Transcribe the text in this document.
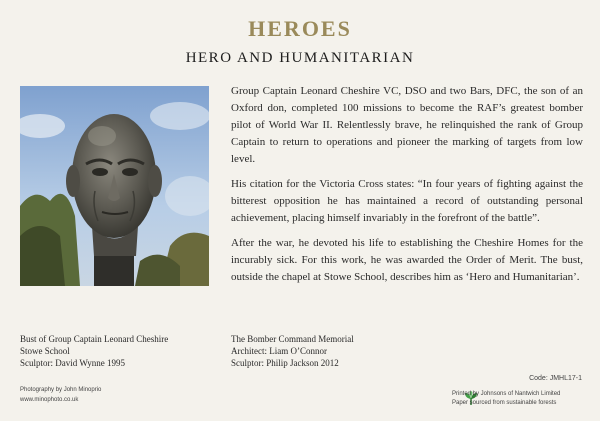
HEROES
HERO AND HUMANITARIAN

Group Captain Leonard Cheshire VC, DSO and two Bars, DFC, the son of an Oxford don, completed 100 missions to become the RAF’s greatest bomber pilot of World War II. Relentlessly brave, he relinquished the rank of Group Captain to return to operations and pioneer the marking of targets from low level.

His citation for the Victoria Cross states: “In four years of fighting against the bitterest opposition he has maintained a record of outstanding personal achievement, placing himself invariably in the forefront of the battle”.

After the war, he devoted his life to establishing the Cheshire Homes for the incurably sick. For this work, he was awarded the Order of Merit. The bust, outside the chapel at Stowe School, describes him as ‘Hero and Humanitarian’.

Bust of Group Captain Leonard Cheshire
Stowe School
Sculptor: David Wynne 1995
The Bomber Command Memorial
Architect: Liam O’Connor
Sculptor: Philip Jackson 2012
Photography by John Minoprio
www.minophoto.co.uk
Code: JMHL17-1
Printed by Johnsons of Nantwich Limited
Paper sourced from sustainable forests
